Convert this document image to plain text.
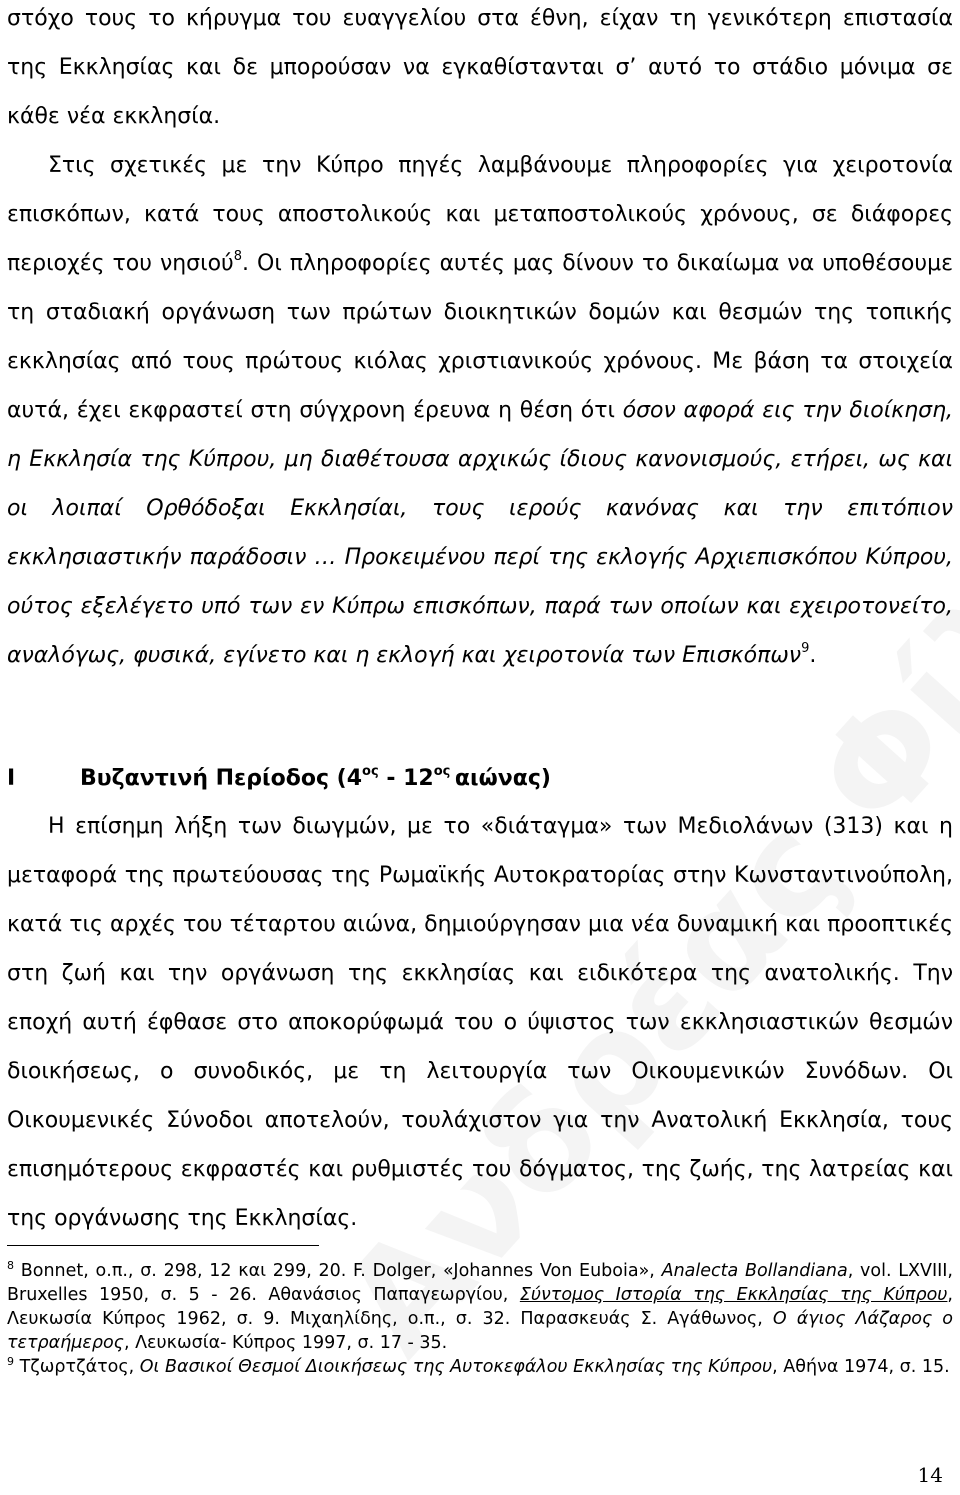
στόχο τους το κήρυγμα του ευαγγελίου στα έθνη, είχαν τη γενικότερη επιστασία της Εκκλησίας και δε μπορούσαν να εγκαθίστανται σ’ αυτό το στάδιο μόνιμα σε κάθε νέα εκκλησία.
Στις σχετικές με την Κύπρο πηγές λαμβάνουμε πληροφορίες για χειροτονία επισκόπων, κατά τους αποστολικούς και μεταποστολικούς χρόνους, σε διάφορες περιοχές του νησιού$^8$. Οι πληροφορίες αυτές μας δίνουν το δικαίωμα να υποθέσουμε τη σταδιακή οργάνωση των πρώτων διοικητικών δομών και θεσμών της τοπικής εκκλησίας από τους πρώτους κιόλας χριστιανικούς χρόνους. Με βάση τα στοιχεία αυτά, έχει εκφραστεί στη σύγχρονη έρευνα η θέση ότι όσον αφορά εις την διοίκηση, η Εκκλησία της Κύπρου, μη διαθέτουσα αρχικώς ίδιους κανονισμούς, ετήρει, ως και οι λοιπαί Ορθόδοξαι Εκκλησίαι, τους ιερούς κανόνας και την επιτόπιον εκκλησιαστικήν παράδοσιν … Προκειμένου περί της εκλογής Αρχιεπισκόπου Κύπρου, ούτος εξελέγετο υπό των εν Κύπρω επισκόπων, παρά των οποίων και εχειροτονείτο, αναλόγως, φυσικά, εγίνετο και η εκλογή και χειροτονία των Επισκόπων$^9$.

Ι	Βυζαντινή Περίοδος ($4^{o\varsigma} - 12^{o\varsigma}$ αιώνας)

Η επίσημη λήξη των διωγμών, με το «διάταγμα» των Μεδιολάνων (313) και η μεταφορά της πρωτεύουσας της Ρωμαϊκής Αυτοκρατορίας στην Κωνσταντινούπολη, κατά τις αρχές του τέταρτου αιώνα, δημιούργησαν μια νέα δυναμική και προοπτικές στη ζωή και την οργάνωση της εκκλησίας και ειδικότερα της ανατολικής. Την εποχή αυτή έφθασε στο αποκορύφωμά του ο ύψιστος των εκκλησιαστικών θεσμών διοικήσεως, ο συνοδικός, με τη λειτουργία των Οικουμενικών Συνόδων. Οι Οικουμενικές Σύνοδοι αποτελούν, τουλάχιστον για την Ανατολική Εκκλησία, τους επισημότερους εκφραστές και ρυθμιστές του δόγματος, της ζωής, της λατρείας και της οργάνωσης της Εκκλησίας.

$^8$ Bonnet, ο.π., σ. 298, 12 και 299, 20. F. Dolger, «Johannes Von Euboia», Analecta Bollandiana, vol. LXVIII, Bruxelles 1950, σ. 5 - 26. Αθανάσιος Παπαγεωργίου, Σύντομος Ιστορία της Εκκλησίας της Κύπρου, Λευκωσία Κύπρος 1962, σ. 9. Μιχαηλίδης, ο.π., σ. 32. Παρασκευάς Σ. Αγάθωνος, Ο άγιος Λάζαρος ο τετραήμερος, Λευκωσία- Κύπρος 1997, σ. 17 - 35.

$^9$ Τζωρτζάτος, Οι Βασικοί Θεσμοί Διοικήσεως της Αυτοκεφάλου Εκκλησίας της Κύπρου, Αθήνα 1974, σ. 15.

14
